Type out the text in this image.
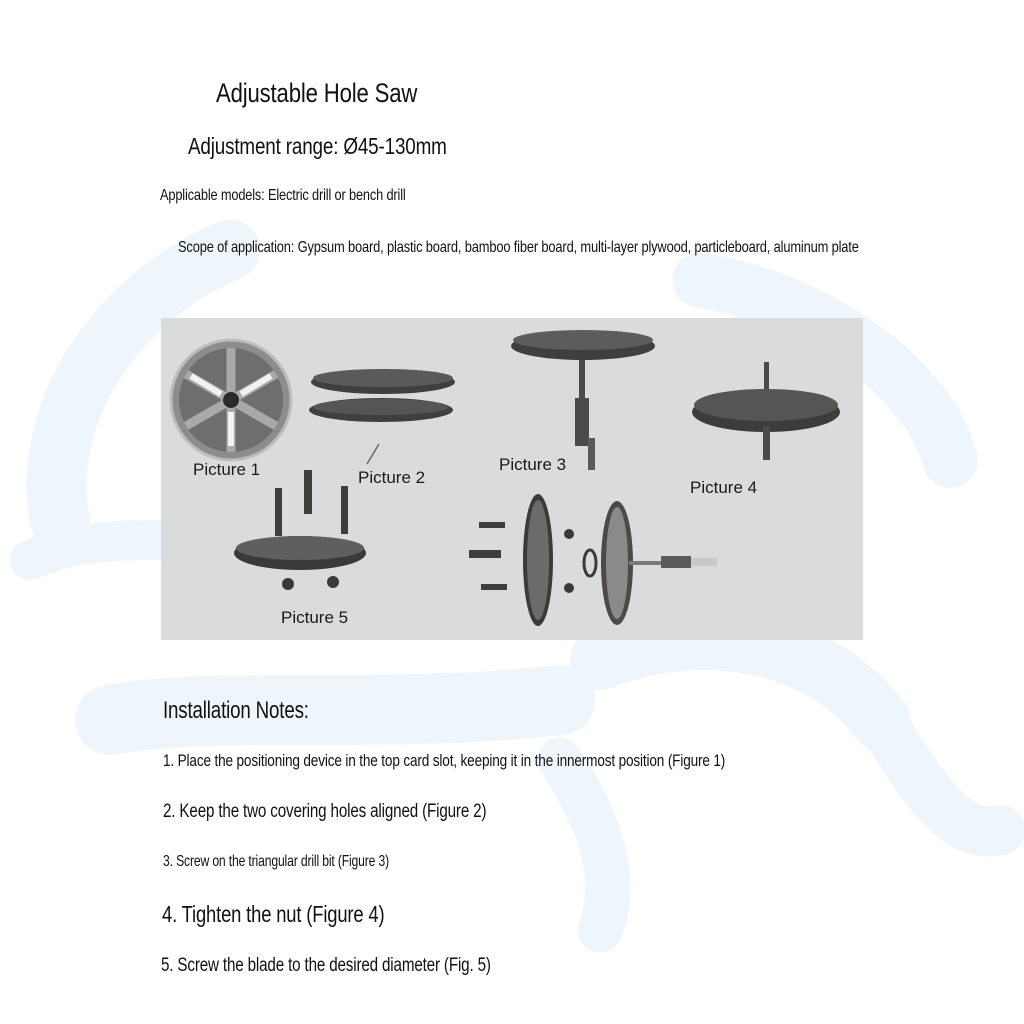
Adjustable Hole Saw
Adjustment range: Ø45-130mm
Applicable models: Electric drill or bench drill
Scope of application: Gypsum board, plastic board, bamboo fiber board, multi-layer plywood, particleboard, aluminum plate
Picture 1	Picture 2
Picture 3
Picture 4
Picture 5
Installation Notes:
1. Place the positioning device in the top card slot, keeping it in the innermost position (Figure 1)
2. Keep the two covering holes aligned (Figure 2)
3. Screw on the triangular drill bit (Figure 3)
4. Tighten the nut (Figure 4)
5. Screw the blade to the desired diameter (Fig. 5)
